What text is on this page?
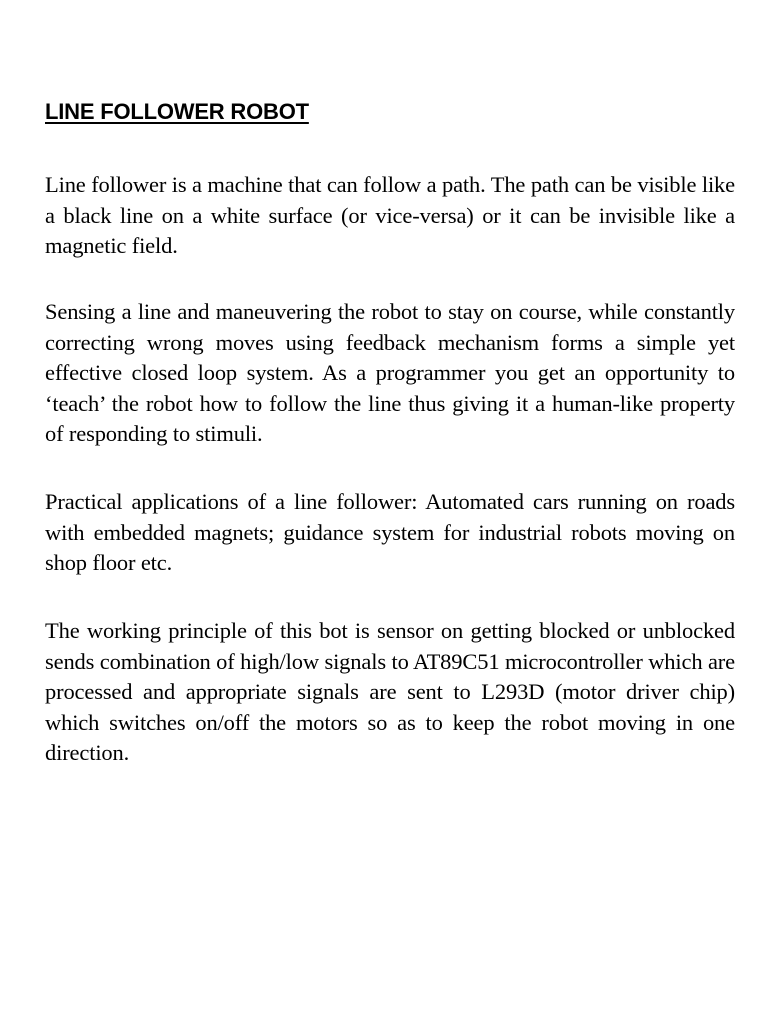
LINE FOLLOWER ROBOT

Line follower is a machine that can follow a path. The path can be visible like a black line on a white surface (or vice-versa) or it can be invisible like a magnetic field.

Sensing a line and maneuvering the robot to stay on course, while constantly correcting wrong moves using feedback mechanism forms a simple yet effective closed loop system. As a programmer you get an opportunity to ‘teach’ the robot how to follow the line thus giving it a human-like property of responding to stimuli.

Practical applications of a line follower: Automated cars running on roads with embedded magnets; guidance system for industrial robots moving on shop floor etc.

The working principle of this bot is sensor on getting blocked or unblocked sends combination of high/low signals to AT89C51 microcontroller which are processed and appropriate signals are sent to L293D (motor driver chip) which switches on/off the motors so as to keep the robot moving in one direction.
